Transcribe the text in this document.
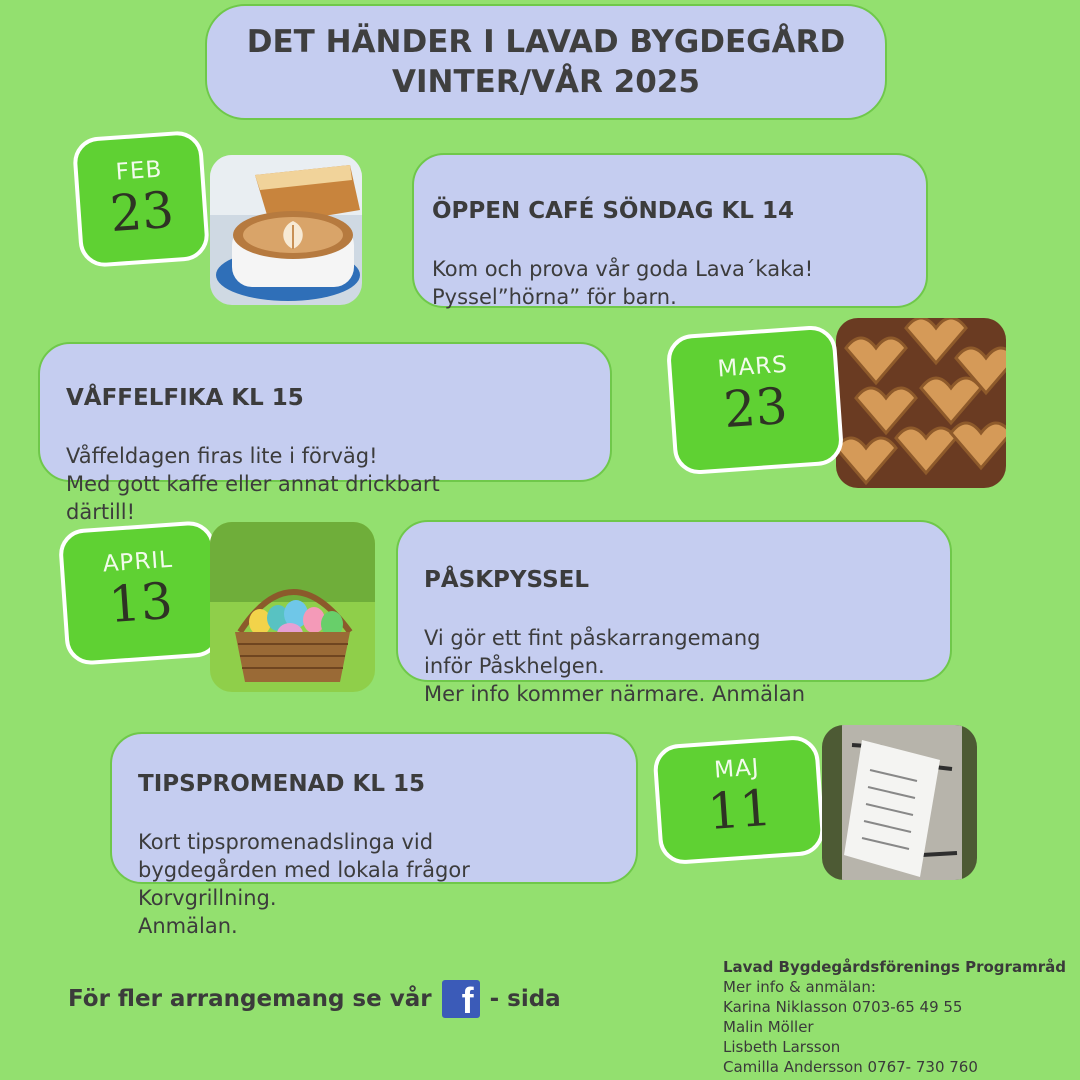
DET HÄNDER I LAVAD BYGDEGÅRD
VINTER/VÅR 2025
FEB
23	ÖPPEN CAFÉ SÖNDAG KL 14

Kom och prova vår goda Lava´kaka!
Pyssel”hörna” för barn.

VÅFFELFIKA KL 15

Våffeldagen firas lite i förväg!
Med gott kaffe eller annat drickbart
därtill!

MARS
23
APRIL
13	PÅSKPYSSEL

Vi gör ett fint påskarrangemang
inför Påskhelgen.
Mer info kommer närmare. Anmälan

TIPSPROMENAD KL 15

Kort tipspromenadslinga vid
bygdegården med lokala frågor
Korvgrillning.
Anmälan.

MAJ
11
För fler arrangemang se vår f - sida
Lavad Bygdegårdsförenings Programråd
Mer info & anmälan:
Karina Niklasson 0703-65 49 55
Malin Möller
Lisbeth Larsson
Camilla Andersson 0767- 730 760
